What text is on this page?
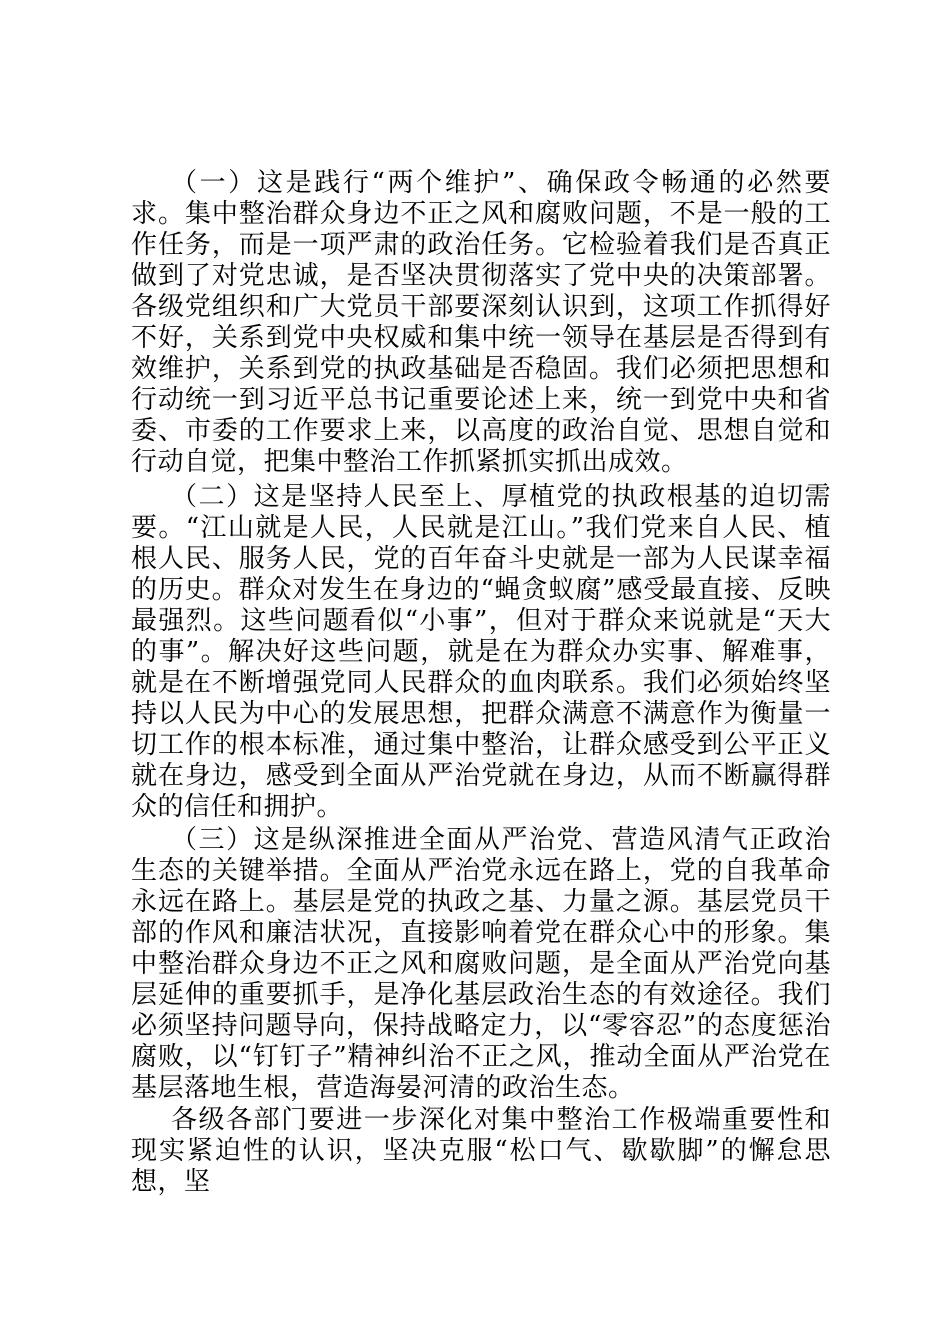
（一）这是践行“两个维护”、确保政令畅通的必然要求。集中整治群众身边不正之风和腐败问题，不是一般的工作任务，而是一项严肃的政治任务。它检验着我们是否真正做到了对党忠诚，是否坚决贯彻落实了党中央的决策部署。各级党组织和广大党员干部要深刻认识到，这项工作抓得好不好，关系到党中央权威和集中统一领导在基层是否得到有效维护，关系到党的执政基础是否稳固。我们必须把思想和行动统一到习近平总书记重要论述上来，统一到党中央和省委、市委的工作要求上来，以高度的政治自觉、思想自觉和行动自觉，把集中整治工作抓紧抓实抓出成效。

（二）这是坚持人民至上、厚植党的执政根基的迫切需要。“江山就是人民，人民就是江山。”我们党来自人民、植根人民、服务人民，党的百年奋斗史就是一部为人民谋幸福的历史。群众对发生在身边的“蝇贪蚁腐”感受最直接、反映最强烈。这些问题看似“小事”，但对于群众来说就是“天大的事”。解决好这些问题，就是在为群众办实事、解难事，就是在不断增强党同人民群众的血肉联系。我们必须始终坚持以人民为中心的发展思想，把群众满意不满意作为衡量一切工作的根本标准，通过集中整治，让群众感受到公平正义就在身边，感受到全面从严治党就在身边，从而不断赢得群众的信任和拥护。

（三）这是纵深推进全面从严治党、营造风清气正政治生态的关键举措。全面从严治党永远在路上，党的自我革命永远在路上。基层是党的执政之基、力量之源。基层党员干部的作风和廉洁状况，直接影响着党在群众心中的形象。集中整治群众身边不正之风和腐败问题，是全面从严治党向基层延伸的重要抓手，是净化基层政治生态的有效途径。我们必须坚持问题导向，保持战略定力，以“零容忍”的态度惩治腐败，以“钉钉子”精神纠治不正之风，推动全面从严治党在基层落地生根，营造海晏河清的政治生态。

各级各部门要进一步深化对集中整治工作极端重要性和现实紧迫性的认识，坚决克服“松口气、歇歇脚”的懈怠思想，坚
